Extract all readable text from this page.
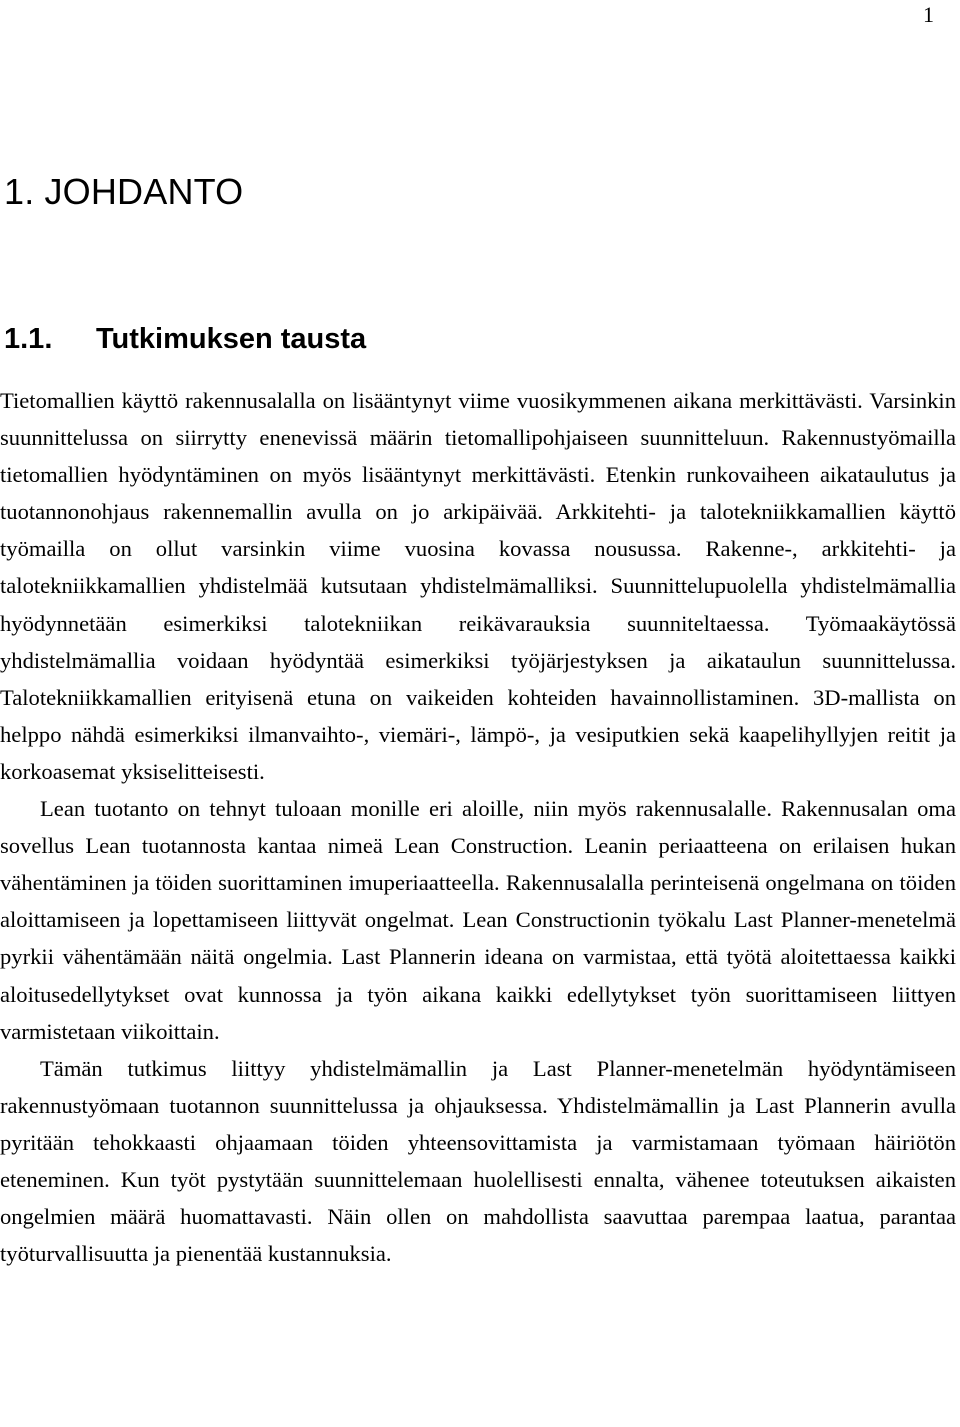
1
1. JOHDANTO
1.1. Tutkimuksen tausta

Tietomallien käyttö rakennusalalla on lisääntynyt viime vuosikymmenen aikana merkittävästi. Varsinkin suunnittelussa on siirrytty enenevissä määrin tietomallipohjaiseen suunnitteluun. Rakennustyömailla tietomallien hyödyntäminen on myös lisääntynyt merkittävästi. Etenkin runkovaiheen aikataulutus ja tuotannonohjaus rakennemallin avulla on jo arkipäivää. Arkkitehti- ja talotekniikkamallien käyttö työmailla on ollut varsinkin viime vuosina kovassa nousussa. Rakenne-, arkkitehti- ja talotekniikkamallien yhdistelmää kutsutaan yhdistelmämalliksi. Suunnittelupuolella yhdistelmämallia hyödynnetään esimerkiksi talotekniikan reikävarauksia suunniteltaessa. Työmaakäytössä yhdistelmämallia voidaan hyödyntää esimerkiksi työjärjestyksen ja aikataulun suunnittelussa. Talotekniikkamallien erityisenä etuna on vaikeiden kohteiden havainnollistaminen. 3D-mallista on helppo nähdä esimerkiksi ilmanvaihto-, viemäri-, lämpö-, ja vesiputkien sekä kaapelihyllyjen reitit ja korkoasemat yksiselitteisesti.

Lean tuotanto on tehnyt tuloaan monille eri aloille, niin myös rakennusalalle. Rakennusalan oma sovellus Lean tuotannosta kantaa nimeä Lean Construction. Leanin periaatteena on erilaisen hukan vähentäminen ja töiden suorittaminen imuperiaatteella. Rakennusalalla perinteisenä ongelmana on töiden aloittamiseen ja lopettamiseen liittyvät ongelmat. Lean Constructionin työkalu Last Planner-menetelmä pyrkii vähentämään näitä ongelmia. Last Plannerin ideana on varmistaa, että työtä aloitettaessa kaikki aloitusedellytykset ovat kunnossa ja työn aikana kaikki edellytykset työn suorittamiseen liittyen varmistetaan viikoittain.

Tämän tutkimus liittyy yhdistelmämallin ja Last Planner-menetelmän hyödyntämiseen rakennustyömaan tuotannon suunnittelussa ja ohjauksessa. Yhdistelmämallin ja Last Plannerin avulla pyritään tehokkaasti ohjaamaan töiden yhteensovittamista ja varmistamaan työmaan häiriötön eteneminen. Kun työt pystytään suunnittelemaan huolellisesti ennalta, vähenee toteutuksen aikaisten ongelmien määrä huomattavasti. Näin ollen on mahdollista saavuttaa parempaa laatua, parantaa työturvallisuutta ja pienentää kustannuksia.
